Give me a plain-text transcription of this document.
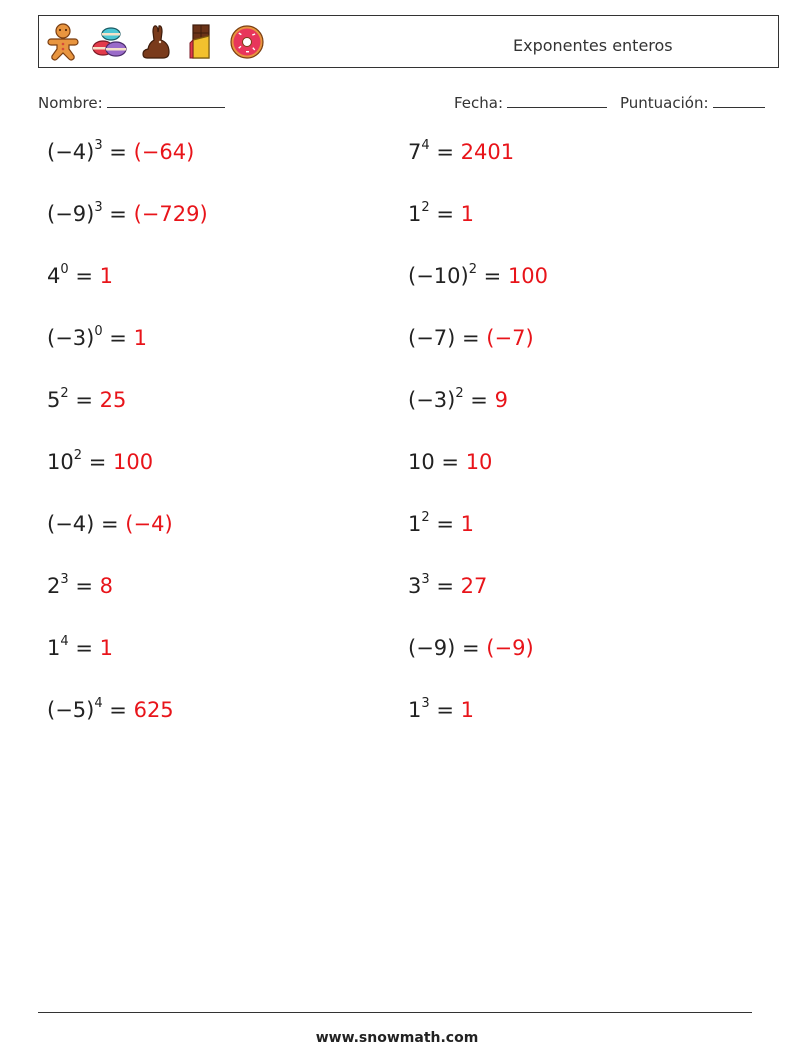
Exponentes enteros
Nombre:	Fecha:	Puntuación:
$(-4)^3 = (-64)$	$7^4 = 2401$
$(-9)^3 = (-729)$	$1^2 = 1$
$4^0 = 1$	$(-10)^2 = 100$
$(-3)^0 = 1$	(−7) = (−7)
$5^2 = 25$	$(-3)^2 = 9$
$10^2 = 100$	10 = 10
(−4) = (−4)	$1^2 = 1$
$2^3 = 8$	$3^3 = 27$
$1^4 = 1$	(−9) = (−9)
$(-5)^4 = 625$	$1^3 = 1$
www.snowmath.com
